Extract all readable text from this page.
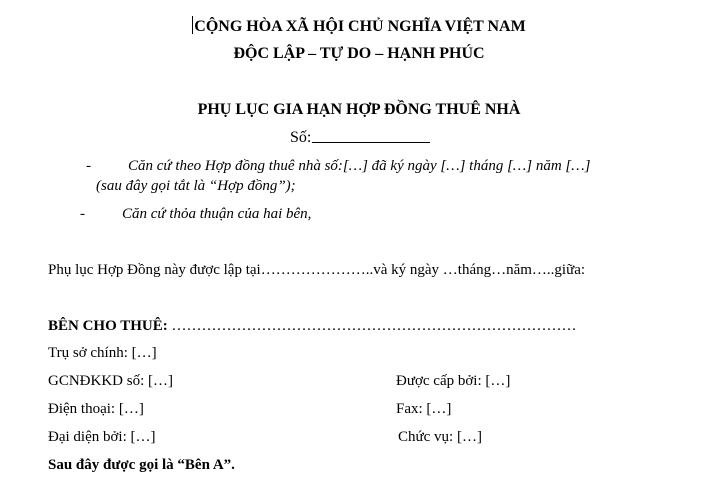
CỘNG HÒA XÃ HỘI CHỦ NGHĨA VIỆT NAM
ĐỘC LẬP – TỰ DO – HẠNH PHÚC
PHỤ LỤC GIA HẠN HỢP ĐỒNG THUÊ NHÀ
Số:
- Căn cứ theo Hợp đồng thuê nhà số:[…] đã ký ngày […] tháng […] năm […]
(sau đây gọi tắt là “Hợp đồng”);
- Căn cứ thỏa thuận của hai bên,
Phụ lục Hợp Đồng này được lập tại…………………..và ký ngày …tháng…năm…..giữa:
BÊN CHO THUÊ: ………………………………………………………………………
Trụ sở chính: […]
GCNĐKKD số: […]	Được cấp bởi: […]
Điện thoại: […]	Fax: […]
Đại diện bởi: […]	Chức vụ: […]
Sau đây được gọi là “Bên A”.
